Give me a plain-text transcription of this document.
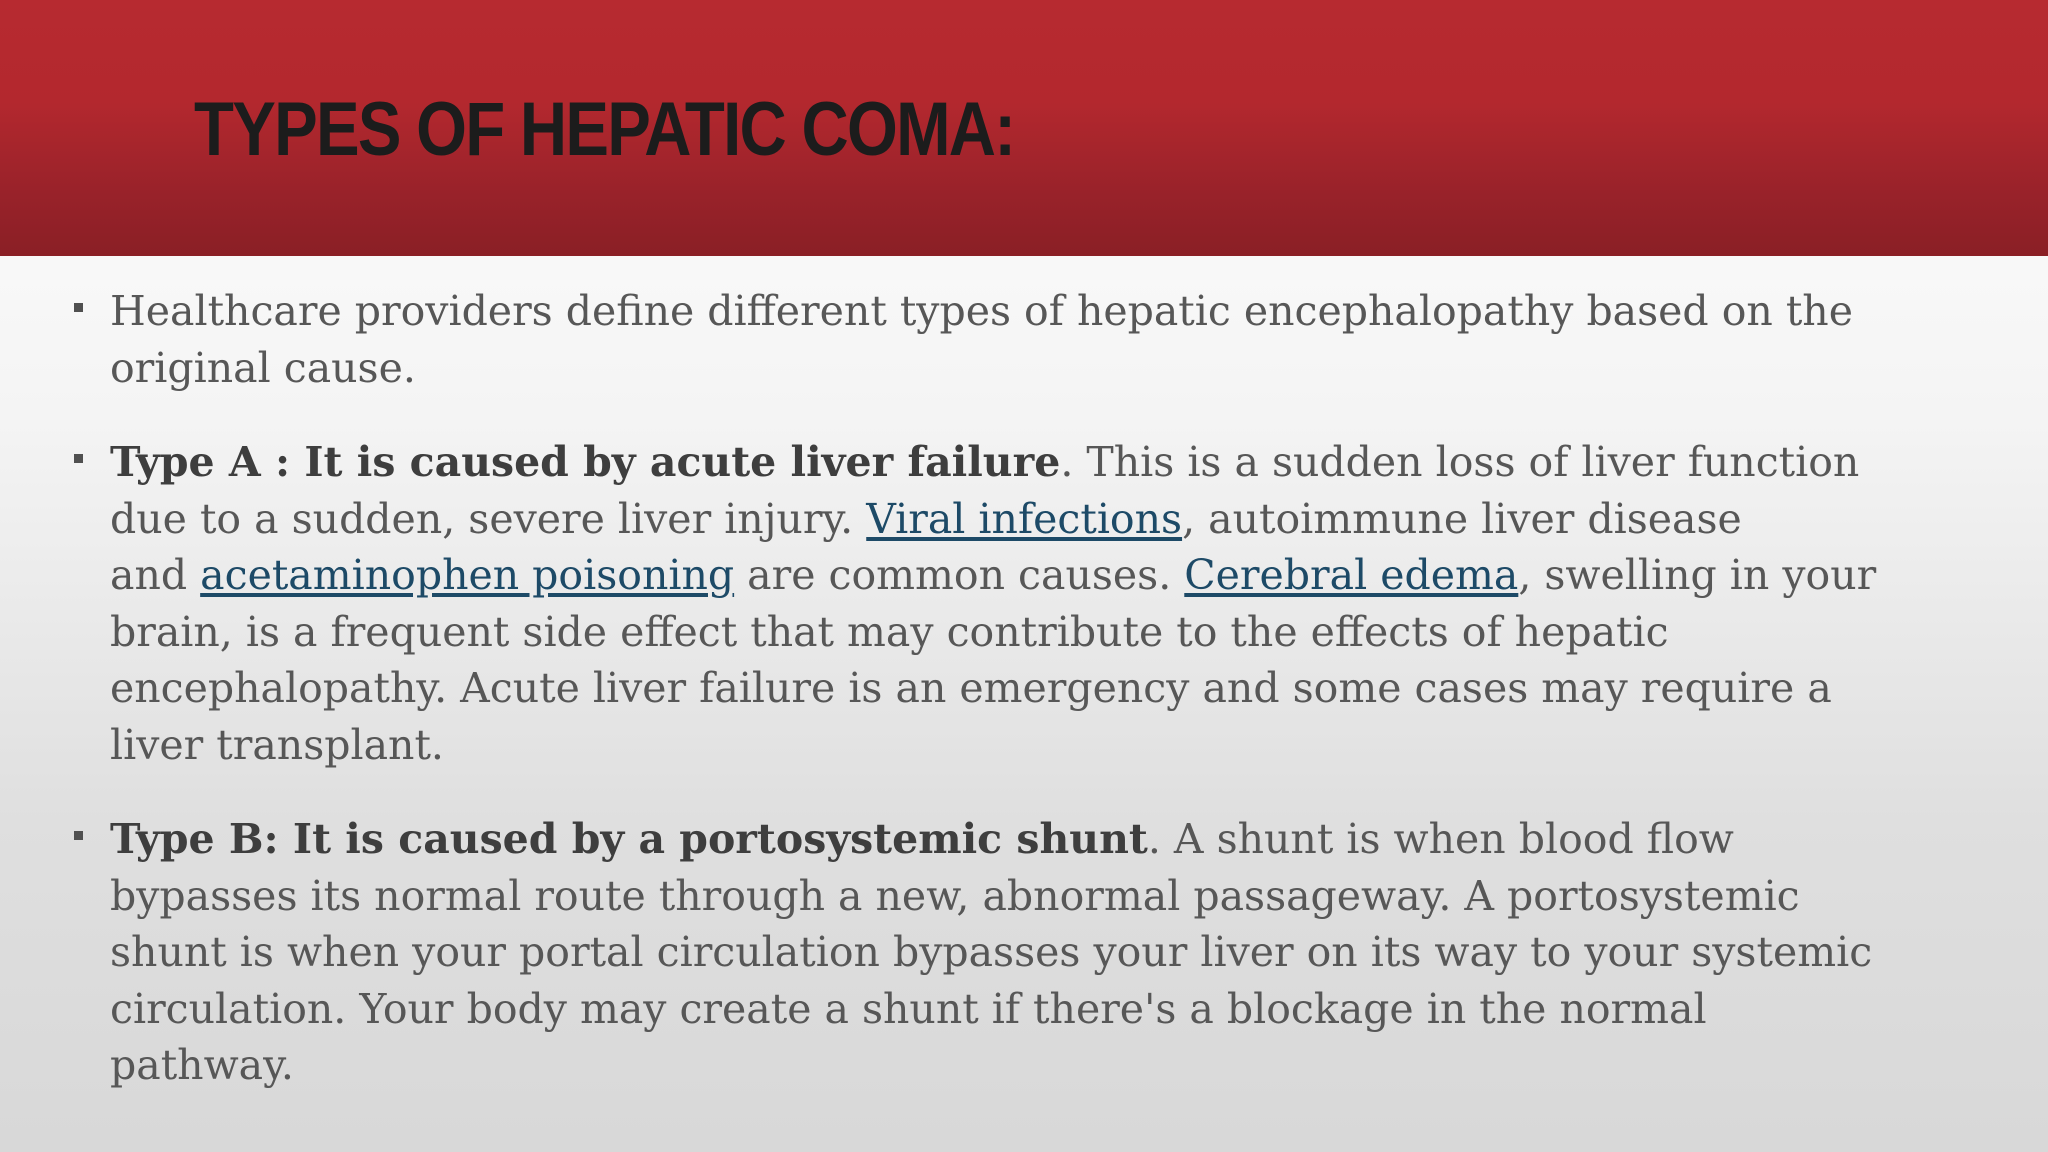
TYPES OF HEPATIC COMA:
Healthcare providers define different types of hepatic encephalopathy based on the
original cause.
Type A : It is caused by acute liver failure. This is a sudden loss of liver function
due to a sudden, severe liver injury. Viral infections, autoimmune liver disease
and acetaminophen poisoning are common causes. Cerebral edema, swelling in your
brain, is a frequent side effect that may contribute to the effects of hepatic
encephalopathy. Acute liver failure is an emergency and some cases may require a
liver transplant.
Type B: It is caused by a portosystemic shunt. A shunt is when blood flow
bypasses its normal route through a new, abnormal passageway. A portosystemic
shunt is when your portal circulation bypasses your liver on its way to your systemic
circulation. Your body may create a shunt if there's a blockage in the normal
pathway.
